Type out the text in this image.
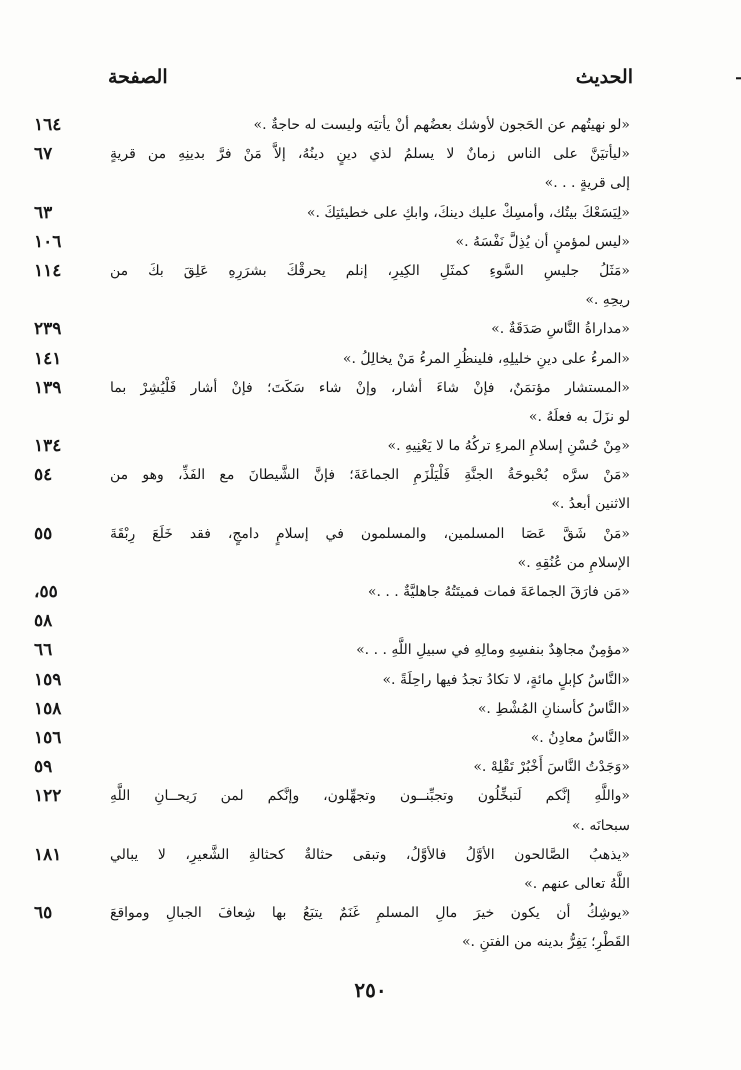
ـ
الحديث
الصفحة
«لو نهيتُهم عن الحَجون لأوشك بعضُهم أنْ يأتيَه وليست له حاجةٌ .»
١٦٤
«ليأتيَنَّ على الناس زمانٌ لا يسلمُ لذي دينٍ دينُهُ، إلاَّ مَنْ فرَّ بدينِهِ من قريةٍ
٦٧
إلى قريةٍ . . .»
«لِيَسَعْكَ بيتُك، وأمسِكْ عليك دينكَ، وابكِ على خطيئتِكَ .»
٦٣
«ليس لمؤمنٍ أن يُذِلَّ نَفْسَهُ .»
١٠٦
«مَثَلُ جليسِ السَّوءِ كمثَلِ الكِيرِ، إنلم يحرقْكَ بشرَرِهِ عَلِقَ بكَ من
١١٤
ريحِهِ .»
«مداراةُ النَّاسِ صَدَقَةٌ .»
٢٣٩
«المرءُ على دينِ خليلِهِ، فلينظُرِ المرءُ مَنْ يخالِلُ .»
١٤١
«المستشار مؤتمَنٌ، فإنْ شاءَ أشار، وإنْ شاء سَكَتَ؛ فإنْ أشار فَلْيُشِرْ بما
١٣٩
لو نزَلَ به فعلَهُ .»
«مِنْ حُسْنِ إسلامِ المرءِ تركُهُ ما لا يَعْنِيهِ .»
١٣٤
«مَنْ سرَّه بُحْبوحَةُ الجنَّةِ فَلْيَلْزَمِ الجماعَةَ؛ فإنَّ الشَّيطانَ مع الفَذِّ، وهو من
٥٤
الاثنين أبعدُ .»
«مَنْ شَقَّ عَصَا المسلمين، والمسلمون في إسلامٍ دامجٍ، فقد خَلَعَ رِبْقَةَ
٥٥
الإسلامِ من عُنُقِهِ .»
«مَن فارَقَ الجماعَةَ فمات فميتَتُهُ جاهليَّةٌ . . .»
٥٥،
٥٨
«مؤمِنٌ مجاهِدٌ بنفسِهِ ومالِهِ في سبيلِ اللَّهِ . . .»
٦٦
«النَّاسُ كإبلٍ مائةٍ، لا تكادُ تجدُ فيها راحِلَةً .»
١٥٩
«النَّاسُ كأسنانِ المُشْطِ .»
١٥٨
«النَّاسُ معادِنُ .»
١٥٦
«وَجَدْتُ النَّاسَ أَخْبُرْ تَقْلِهْ .»
٥٩
«واللَّهِ إنَّكم لَتبخِّلُون وتجبِّنــون وتجهِّلون، وإنَّكم لمن رَيحــانِ اللَّهِ
١٢٢
سبحانَه .»
«يذهبُ الصَّالحون الأوَّلُ فالأوَّلُ، وتبقى حثالةٌ كحثالةِ الشَّعيرِ، لا يبالي
١٨١
اللَّهُ تعالى عنهم .»
«يوشِكُ أن يكون خيرَ مالِ المسلمِ غَنَمٌ يتبَعُ بها شِعافَ الجبالِ ومواقعَ
٦٥
القَطْرِ؛ يَفِرُّ بدينه من الفتنِ .»
٢٥٠
